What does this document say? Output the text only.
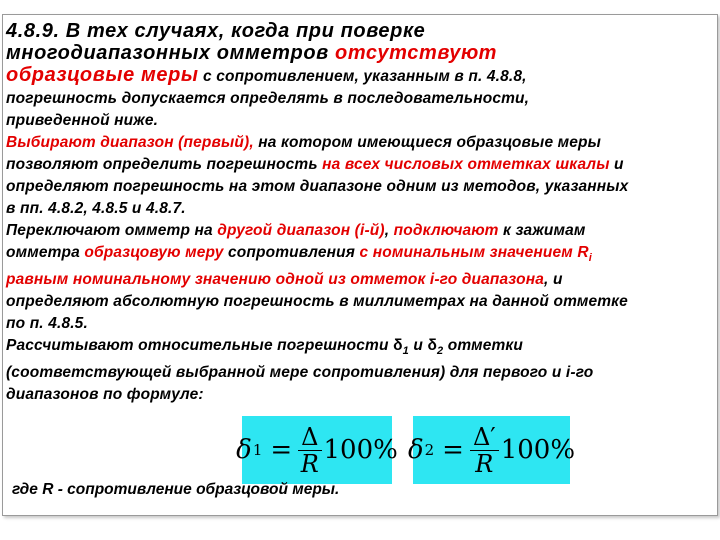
4.8.9. В тех случаях, когда при поверке
многодиапазонных омметров отсутствуют
образцовые меры с сопротивлением, указанным в п. 4.8.8,
погрешность допускается определять в последовательности,
приведенной ниже.
Выбирают диапазон (первый), на котором имеющиеся образцовые меры
позволяют определить погрешность на всех числовых отметках шкалы и
определяют погрешность на этом диапазоне одним из методов, указанных
в пп. 4.8.2, 4.8.5 и 4.8.7.
Переключают омметр на другой диапазон (i-й), подключают к зажимам
омметра образцовую меру сопротивления с номинальным значением $R_i$
равным номинальному значению одной из отметок i-го диапазона, и
определяют абсолютную погрешность в миллиметрах на данной отметке
по п. 4.8.5.
Рассчитывают относительные погрешности $\delta_1$ и $\delta_2$ отметки
(соответствующей выбранной мере сопротивления) для первого и i-го
диапазонов по формуле:
δ $1 = \frac{\Delta}{R} 100\%$ δ $2 = \frac{\Delta'}{R} 100\%$
где R - сопротивление образцовой меры.
